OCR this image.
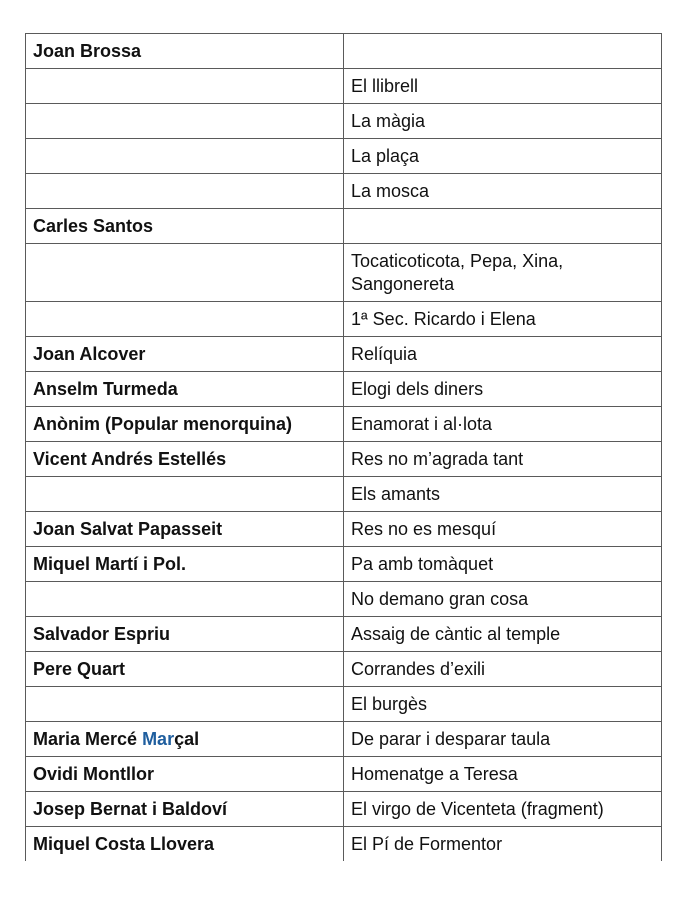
Joan Brossa	
	El llibrell
	La màgia
	La plaça
	La mosca
Carles Santos	
	Tocaticoticota, Pepa, Xina, Sangonereta
	1ª Sec. Ricardo i Elena
Joan Alcover	Relíquia
Anselm Turmeda	Elogi dels diners
Anònim (Popular menorquina)	Enamorat i al·lota
Vicent Andrés Estellés	Res no m’agrada tant
	Els amants
Joan Salvat Papasseit	Res no es mesquí
Miquel Martí i Pol.	Pa amb tomàquet
	No demano gran cosa
Salvador Espriu	Assaig de càntic al temple
Pere Quart	Corrandes d’exili
	El burgès
Maria Mercé Marçal	De parar i desparar taula
Ovidi Montllor	Homenatge a Teresa
Josep Bernat i Baldoví	El virgo de Vicenteta (fragment)
Miquel Costa Llovera	El Pí de Formentor
